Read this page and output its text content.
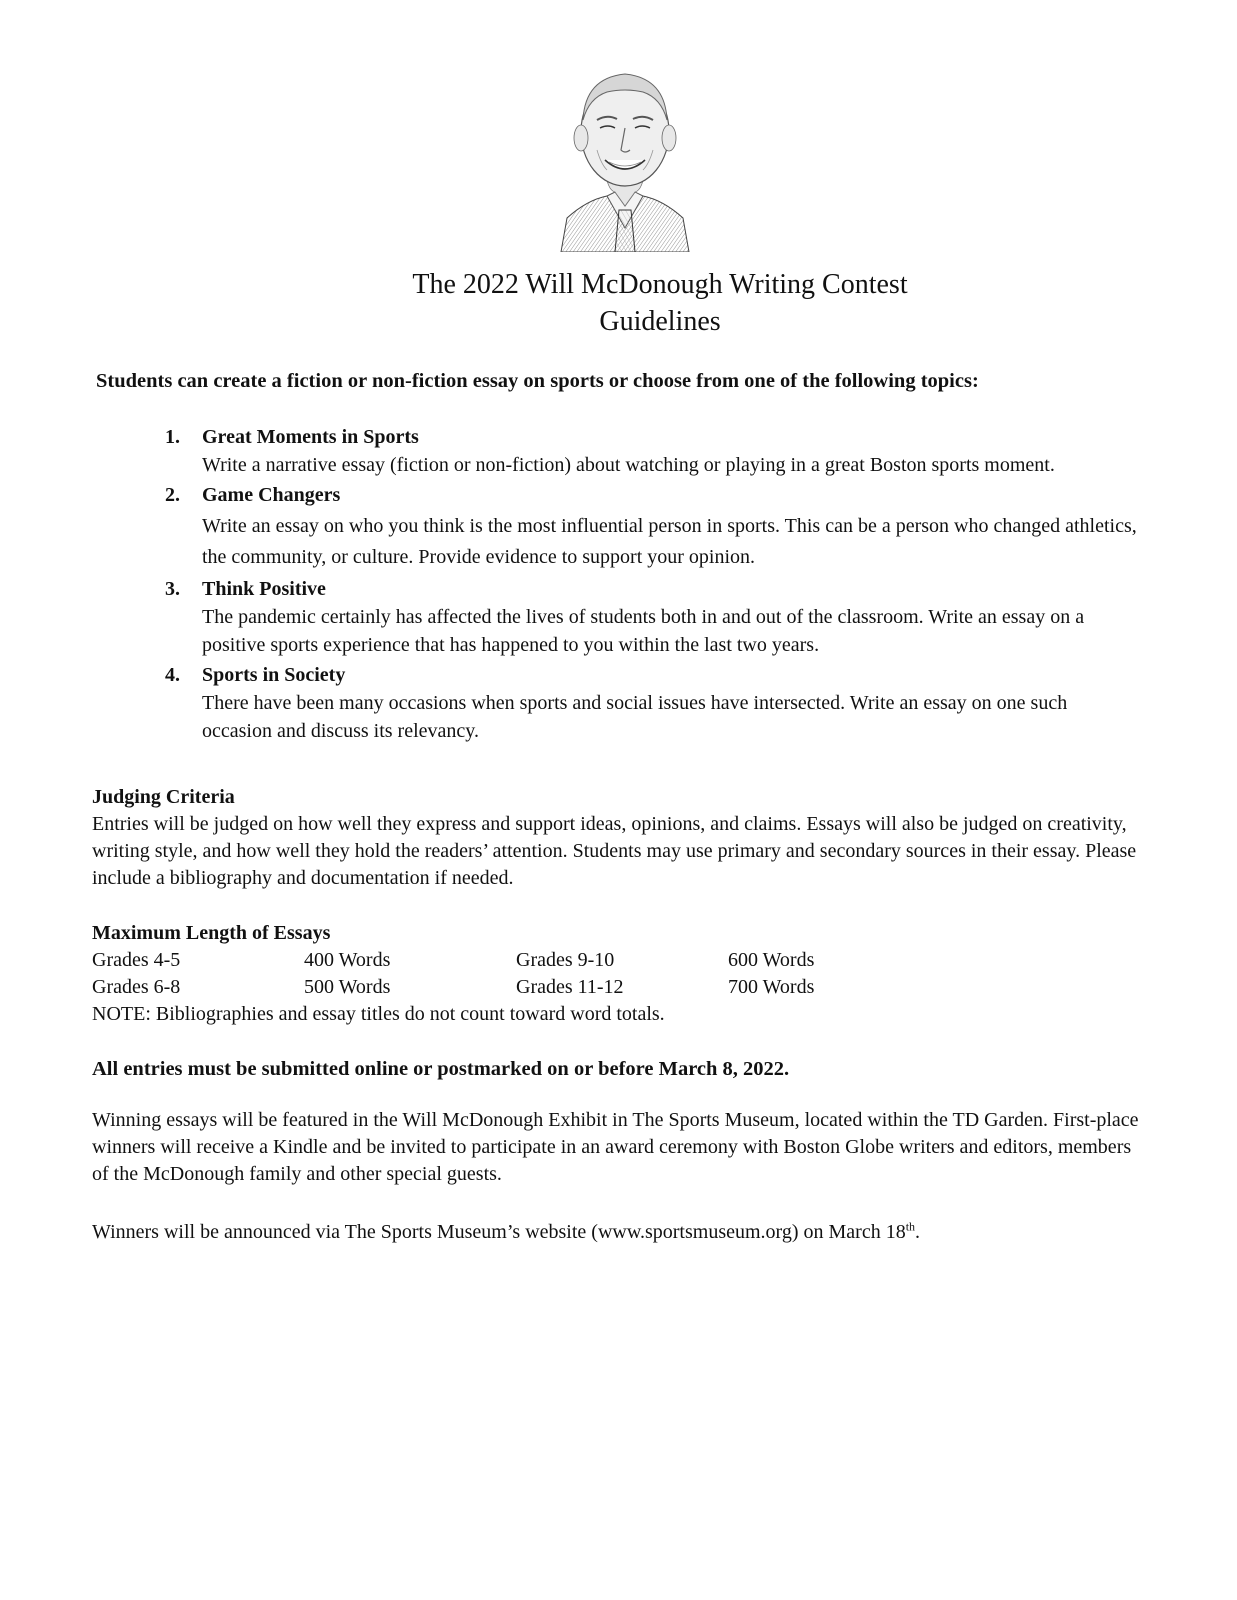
The 2022 Will McDonough Writing Contest
Guidelines
Students can create a fiction or non-fiction essay on sports or choose from one of the following topics:
1. Great Moments in Sports
Write a narrative essay (fiction or non-fiction) about watching or playing in a great Boston sports moment.
2. Game Changers
Write an essay on who you think is the most influential person in sports. This can be a person who changed athletics, the community, or culture. Provide evidence to support your opinion.
3. Think Positive
The pandemic certainly has affected the lives of students both in and out of the classroom. Write an essay on a positive sports experience that has happened to you within the last two years.
4. Sports in Society
There have been many occasions when sports and social issues have intersected. Write an essay on one such occasion and discuss its relevancy.
Judging Criteria
Entries will be judged on how well they express and support ideas, opinions, and claims. Essays will also be judged on creativity, writing style, and how well they hold the readers’ attention. Students may use primary and secondary sources in their essay. Please include a bibliography and documentation if needed.
Maximum Length of Essays
Grades 4-5	400 Words	Grades 9-10	600 Words
Grades 6-8	500 Words	Grades 11-12	700 Words
NOTE: Bibliographies and essay titles do not count toward word totals.
All entries must be submitted online or postmarked on or before March 8, 2022.
Winning essays will be featured in the Will McDonough Exhibit in The Sports Museum, located within the TD Garden. First-place winners will receive a Kindle and be invited to participate in an award ceremony with Boston Globe writers and editors, members of the McDonough family and other special guests.
Winners will be announced via The Sports Museum’s website (www.sportsmuseum.org) on March 18th.
